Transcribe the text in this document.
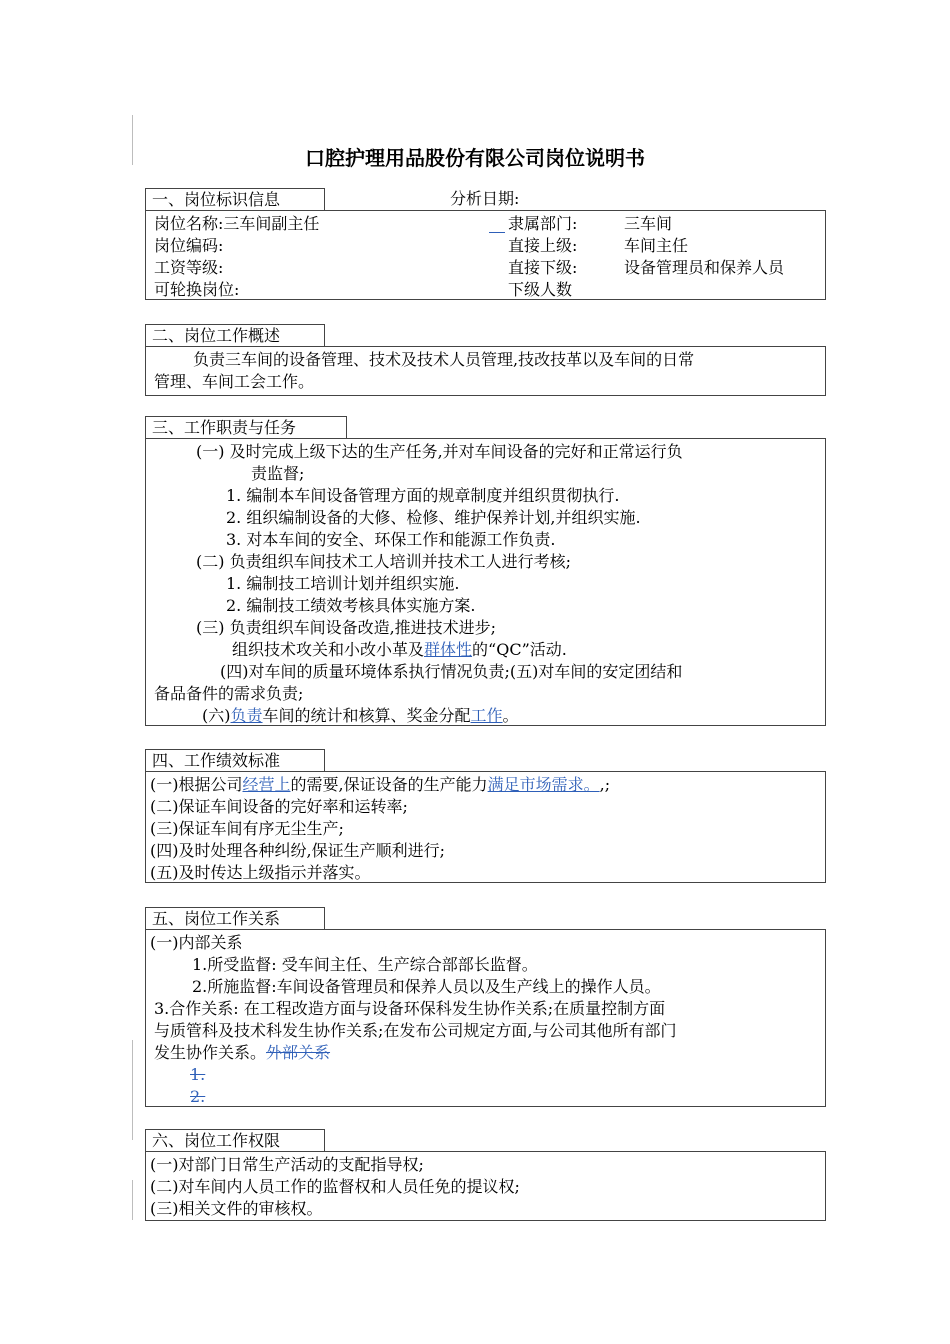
口腔护理用品股份有限公司岗位说明书
一、岗位标识信息	分析日期:
岗位名称:三车间副主任	隶属部门:	三车间
岗位编码:	直接上级:	车间主任
工资等级:	直接下级:	设备管理员和保养人员
可轮换岗位:	下级人数
二、岗位工作概述
负责三车间的设备管理、技术及技术人员管理,技改技革以及车间的日常
管理、车间工会工作。
三、工作职责与任务
(一) 及时完成上级下达的生产任务,并对车间设备的完好和正常运行负
责监督;
1. 编制本车间设备管理方面的规章制度并组织贯彻执行.
2. 组织编制设备的大修、检修、维护保养计划,并组织实施.
3. 对本车间的安全、环保工作和能源工作负责.
(二) 负责组织车间技术工人培训并技术工人进行考核;
1. 编制技工培训计划并组织实施.
2. 编制技工绩效考核具体实施方案.
(三) 负责组织车间设备改造,推进技术进步;
组织技术攻关和小改小革及群体性的“QC”活动.
(四)对车间的质量环境体系执行情况负责;(五)对车间的安定团结和
备品备件的需求负责;
(六)负责车间的统计和核算、奖金分配工作。
四、工作绩效标准
(一)根据公司经营上的需要,保证设备的生产能力满足市场需求。,;
(二)保证车间设备的完好率和运转率;
(三)保证车间有序无尘生产;
(四)及时处理各种纠纷,保证生产顺利进行;
(五)及时传达上级指示并落实。
五、岗位工作关系
(一)内部关系
1.所受监督: 受车间主任、生产综合部部长监督。
2.所施监督:车间设备管理员和保养人员以及生产线上的操作人员。
3.合作关系: 在工程改造方面与设备环保科发生协作关系;在质量控制方面
与质管科及技术科发生协作关系;在发布公司规定方面,与公司其他所有部门
发生协作关系。外部关系
1.
2.
六、岗位工作权限
(一)对部门日常生产活动的支配指导权;
(二)对车间内人员工作的监督权和人员任免的提议权;
(三)相关文件的审核权。
